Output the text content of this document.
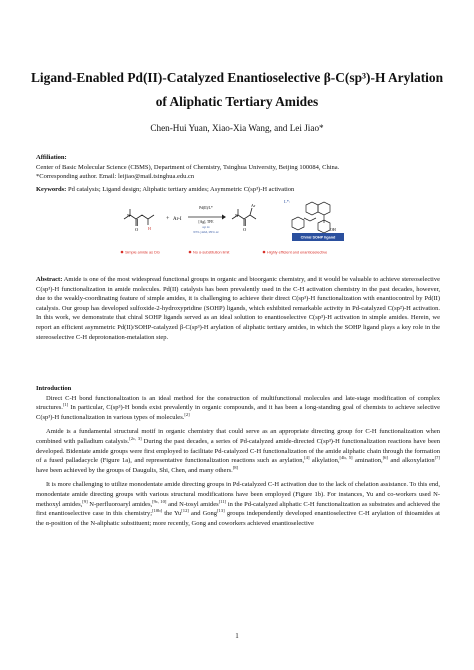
Ligand-Enabled Pd(II)-Catalyzed Enantioselective β-C(sp³)-H Arylation
of Aliphatic Tertiary Amides
Chen-Hui Yuan, Xiao-Xia Wang, and Lei Jiao*
Affiliation:
Center of Basic Molecular Science (CBMS), Department of Chemistry, Tsinghua University, Beijing 100084, China.
*Corresponding author. Email: leijiao@mail.tsinghua.edu.cn
Keywords: Pd catalysis; Ligand design; Aliphatic tertiary amides; Asymmetric C(sp³)-H activation
N
O H
+ Ar-I
Pd(II)/L*
[Ag], TFE
up to
93% yield, 99% ee
N
O
Ar
L*:
OH
Chiral SOHP ligand
Simple amide as DG	No α-substitution limit	Highly efficient and enantioselective
Abstract: Amide is one of the most widespread functional groups in organic and bioorganic chemistry, and it would be valuable to achieve stereoselective C(sp³)-H functionalization in amide molecules. Pd(II) catalysis has been prevalently used in the C-H activation chemistry in the past decades, however, due to the weakly-coordinating feature of simple amides, it is challenging to achieve their direct C(sp³)-H functionalization with enantiocontrol by Pd(II) catalysis. Our group has developed sulfoxide-2-hydroxypridine (SOHP) ligands, which exhibited remarkable activity in Pd-catalyzed C(sp²)-H activation. In this work, we demonstrate that chiral SOHP ligands served as an ideal solution to enantioselective C(sp³)-H activation in simple amides. Herein, we report an efficient asymmetric Pd(II)/SOHP-catalyzed β-C(sp³)-H arylation of aliphatic tertiary amides, in which the SOHP ligand plays a key role in the stereoselective C-H deprotonation-metalation step.
Introduction
Direct C-H bond functionalization is an ideal method for the construction of multifunctional molecules and late-stage modification of complex structures.[1] In particular, C(sp³)-H bonds exist prevalently in organic compounds, and it has been a long-standing goal of chemists to achieve selective C(sp³)-H functionalization in various types of molecules.[2]
Amide is a fundamental structural motif in organic chemistry that could serve as an appropriate directing group for C-H functionalization when combined with palladium catalysis.[2c, 3] During the past decades, a series of Pd-catalyzed amide-directed C(sp³)-H functionalization reactions have been developed. Bidentate amide groups were first employed to facilitate Pd-catalyzed C-H functionalization of the amide aliphatic chain through the formation of a fused palladacycle (Figure 1a), and representative functionalization reactions such as arylation,[4] alkylation,[4b, 5] amination,[6] and alkoxylation[7] have been achieved by the groups of Daugulis, Shi, Chen, and many others.[8]
It is more challenging to utilize monodentate amide directing groups in Pd-catalyzed C-H activation due to the lack of chelation assistance. To this end, monodentate amide directing groups with various structural modifications have been employed (Figure 1b). For instances, Yu and co-workers used N-methoxyl amides,[9] N-perfluoroaryl amides,[9c, 10] and N-tosyl amides[11] in the Pd-catalyzed aliphatic C-H functionalization as substrates and achieved the first enantioselective case in this chemistry;[10b] the Yu[12] and Gong[13] groups independently developed enantioselective C-H arylation of thioamides at the α-position of the N-aliphatic substituent; more recently, Gong and coworkers achieved enantioselective
1
